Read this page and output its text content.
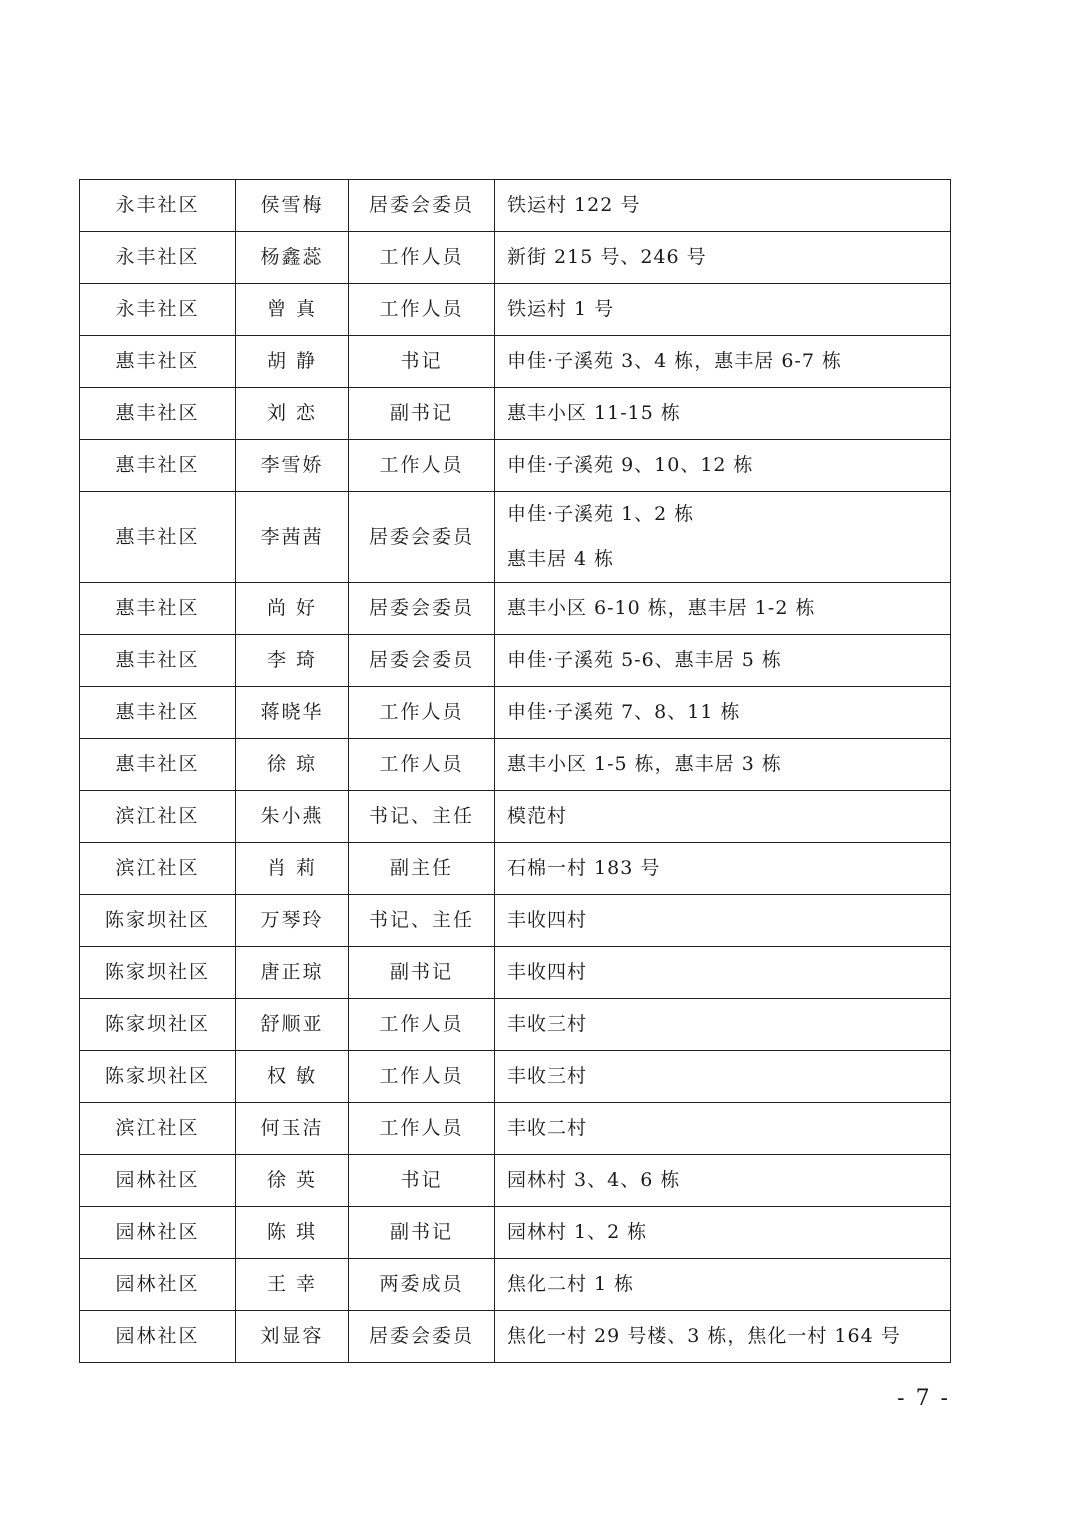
永丰社区	侯雪梅	居委会委员	铁运村 122 号

永丰社区	杨鑫蕊	工作人员	新街 215 号、246 号

永丰社区	曾 真	工作人员	铁运村 1 号

惠丰社区	胡 静	书记	申佳·子溪苑 3、4 栋，惠丰居 6-7 栋

惠丰社区	刘 恋	副书记	惠丰小区 11-15 栋

惠丰社区	李雪娇	工作人员	申佳·子溪苑 9、10、12 栋

惠丰社区	李茜茜	居委会委员	申佳·子溪苑 1、2 栋
惠丰居 4 栋

惠丰社区	尚 好	居委会委员	惠丰小区 6-10 栋，惠丰居 1-2 栋

惠丰社区	李 琦	居委会委员	申佳·子溪苑 5-6、惠丰居 5 栋

惠丰社区	蒋晓华	工作人员	申佳·子溪苑 7、8、11 栋

惠丰社区	徐 琼	工作人员	惠丰小区 1-5 栋，惠丰居 3 栋

滨江社区	朱小燕	书记、主任	模范村

滨江社区	肖 莉	副主任	石棉一村 183 号

陈家坝社区	万琴玲	书记、主任	丰收四村

陈家坝社区	唐正琼	副书记	丰收四村

陈家坝社区	舒顺亚	工作人员	丰收三村

陈家坝社区	权 敏	工作人员	丰收三村

滨江社区	何玉洁	工作人员	丰收二村

园林社区	徐 英	书记	园林村 3、4、6 栋

园林社区	陈 琪	副书记	园林村 1、2 栋

园林社区	王 幸	两委成员	焦化二村 1 栋

园林社区	刘显容	居委会委员	焦化一村 29 号楼、3 栋，焦化一村 164 号
- 7 -
